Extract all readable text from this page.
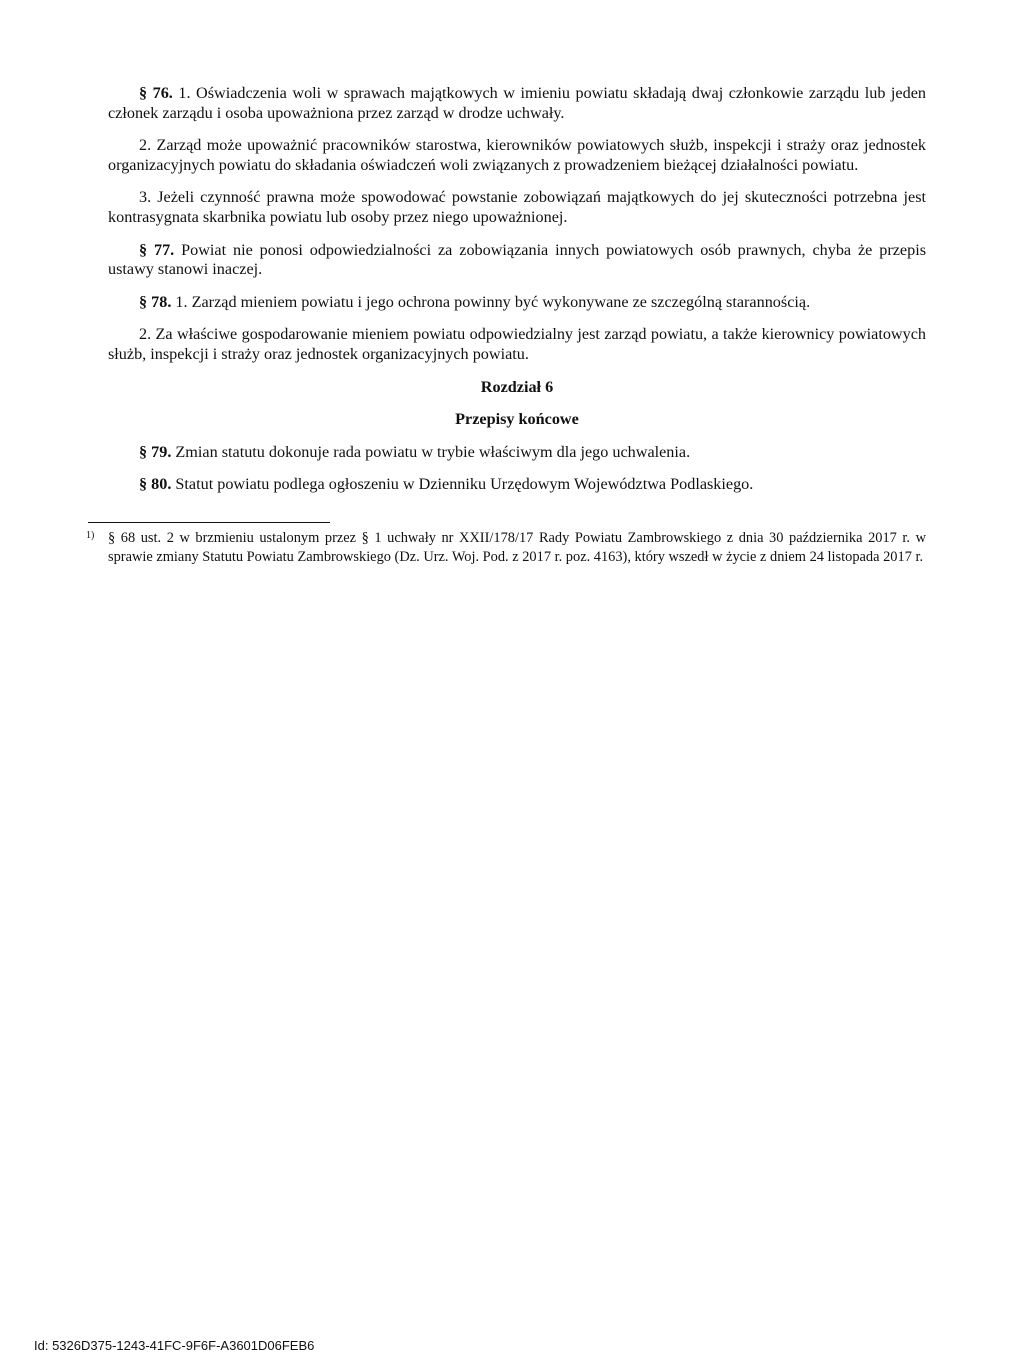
§ 76. 1. Oświadczenia woli w sprawach majątkowych w imieniu powiatu składają dwaj członkowie zarządu lub jeden członek zarządu i osoba upoważniona przez zarząd w drodze uchwały.

2. Zarząd może upoważnić pracowników starostwa, kierowników powiatowych służb, inspekcji i straży oraz jednostek organizacyjnych powiatu do składania oświadczeń woli związanych z prowadzeniem bieżącej działalności powiatu.

3. Jeżeli czynność prawna może spowodować powstanie zobowiązań majątkowych do jej skuteczności potrzebna jest kontrasygnata skarbnika powiatu lub osoby przez niego upoważnionej.

§ 77. Powiat nie ponosi odpowiedzialności za zobowiązania innych powiatowych osób prawnych, chyba że przepis ustawy stanowi inaczej.

§ 78. 1. Zarząd mieniem powiatu i jego ochrona powinny być wykonywane ze szczególną starannością.

2. Za właściwe gospodarowanie mieniem powiatu odpowiedzialny jest zarząd powiatu, a także kierownicy powiatowych służb, inspekcji i straży oraz jednostek organizacyjnych powiatu.

Rozdział 6
Przepisy końcowe

§ 79. Zmian statutu dokonuje rada powiatu w trybie właściwym dla jego uchwalenia.

§ 80. Statut powiatu podlega ogłoszeniu w Dzienniku Urzędowym Województwa Podlaskiego.

1) § 68 ust. 2 w brzmieniu ustalonym przez § 1 uchwały nr XXII/178/17 Rady Powiatu Zambrowskiego z dnia 30 października 2017 r. w sprawie zmiany Statutu Powiatu Zambrowskiego (Dz. Urz. Woj. Pod. z 2017 r. poz. 4163), który wszedł w życie z dniem 24 listopada 2017 r.
Id: 5326D375-1243-41FC-9F6F-A3601D06FEB6
